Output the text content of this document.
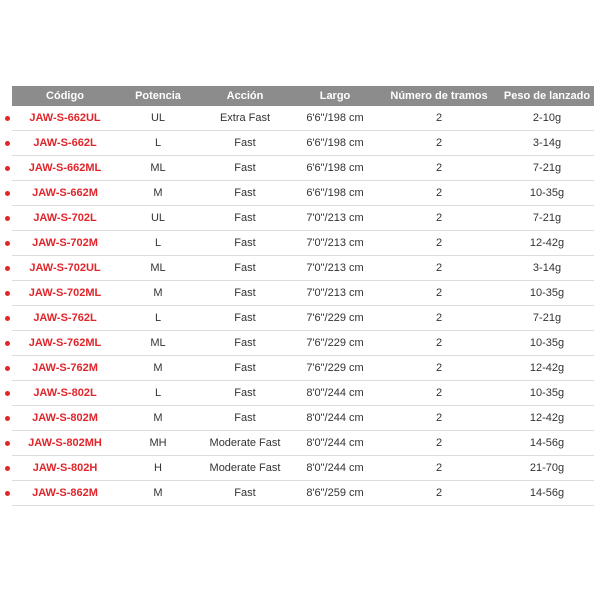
Código	Potencia	Acción	Largo	Número de tramos	Peso de lanzado
JAW-S-662UL	UL	Extra Fast	6'6"/198 cm	2	2-10g
JAW-S-662L	L	Fast	6'6"/198 cm	2	3-14g
JAW-S-662ML	ML	Fast	6'6"/198 cm	2	7-21g
JAW-S-662M	M	Fast	6'6"/198 cm	2	10-35g
JAW-S-702L	UL	Fast	7'0"/213 cm	2	7-21g
JAW-S-702M	L	Fast	7'0"/213 cm	2	12-42g
JAW-S-702UL	ML	Fast	7'0"/213 cm	2	3-14g
JAW-S-702ML	M	Fast	7'0"/213 cm	2	10-35g
JAW-S-762L	L	Fast	7'6"/229 cm	2	7-21g
JAW-S-762ML	ML	Fast	7'6"/229 cm	2	10-35g
JAW-S-762M	M	Fast	7'6"/229 cm	2	12-42g
JAW-S-802L	L	Fast	8'0"/244 cm	2	10-35g
JAW-S-802M	M	Fast	8'0"/244 cm	2	12-42g
JAW-S-802MH	MH	Moderate Fast	8'0"/244 cm	2	14-56g
JAW-S-802H	H	Moderate Fast	8'0"/244 cm	2	21-70g
JAW-S-862M	M	Fast	8'6"/259 cm	2	14-56g
